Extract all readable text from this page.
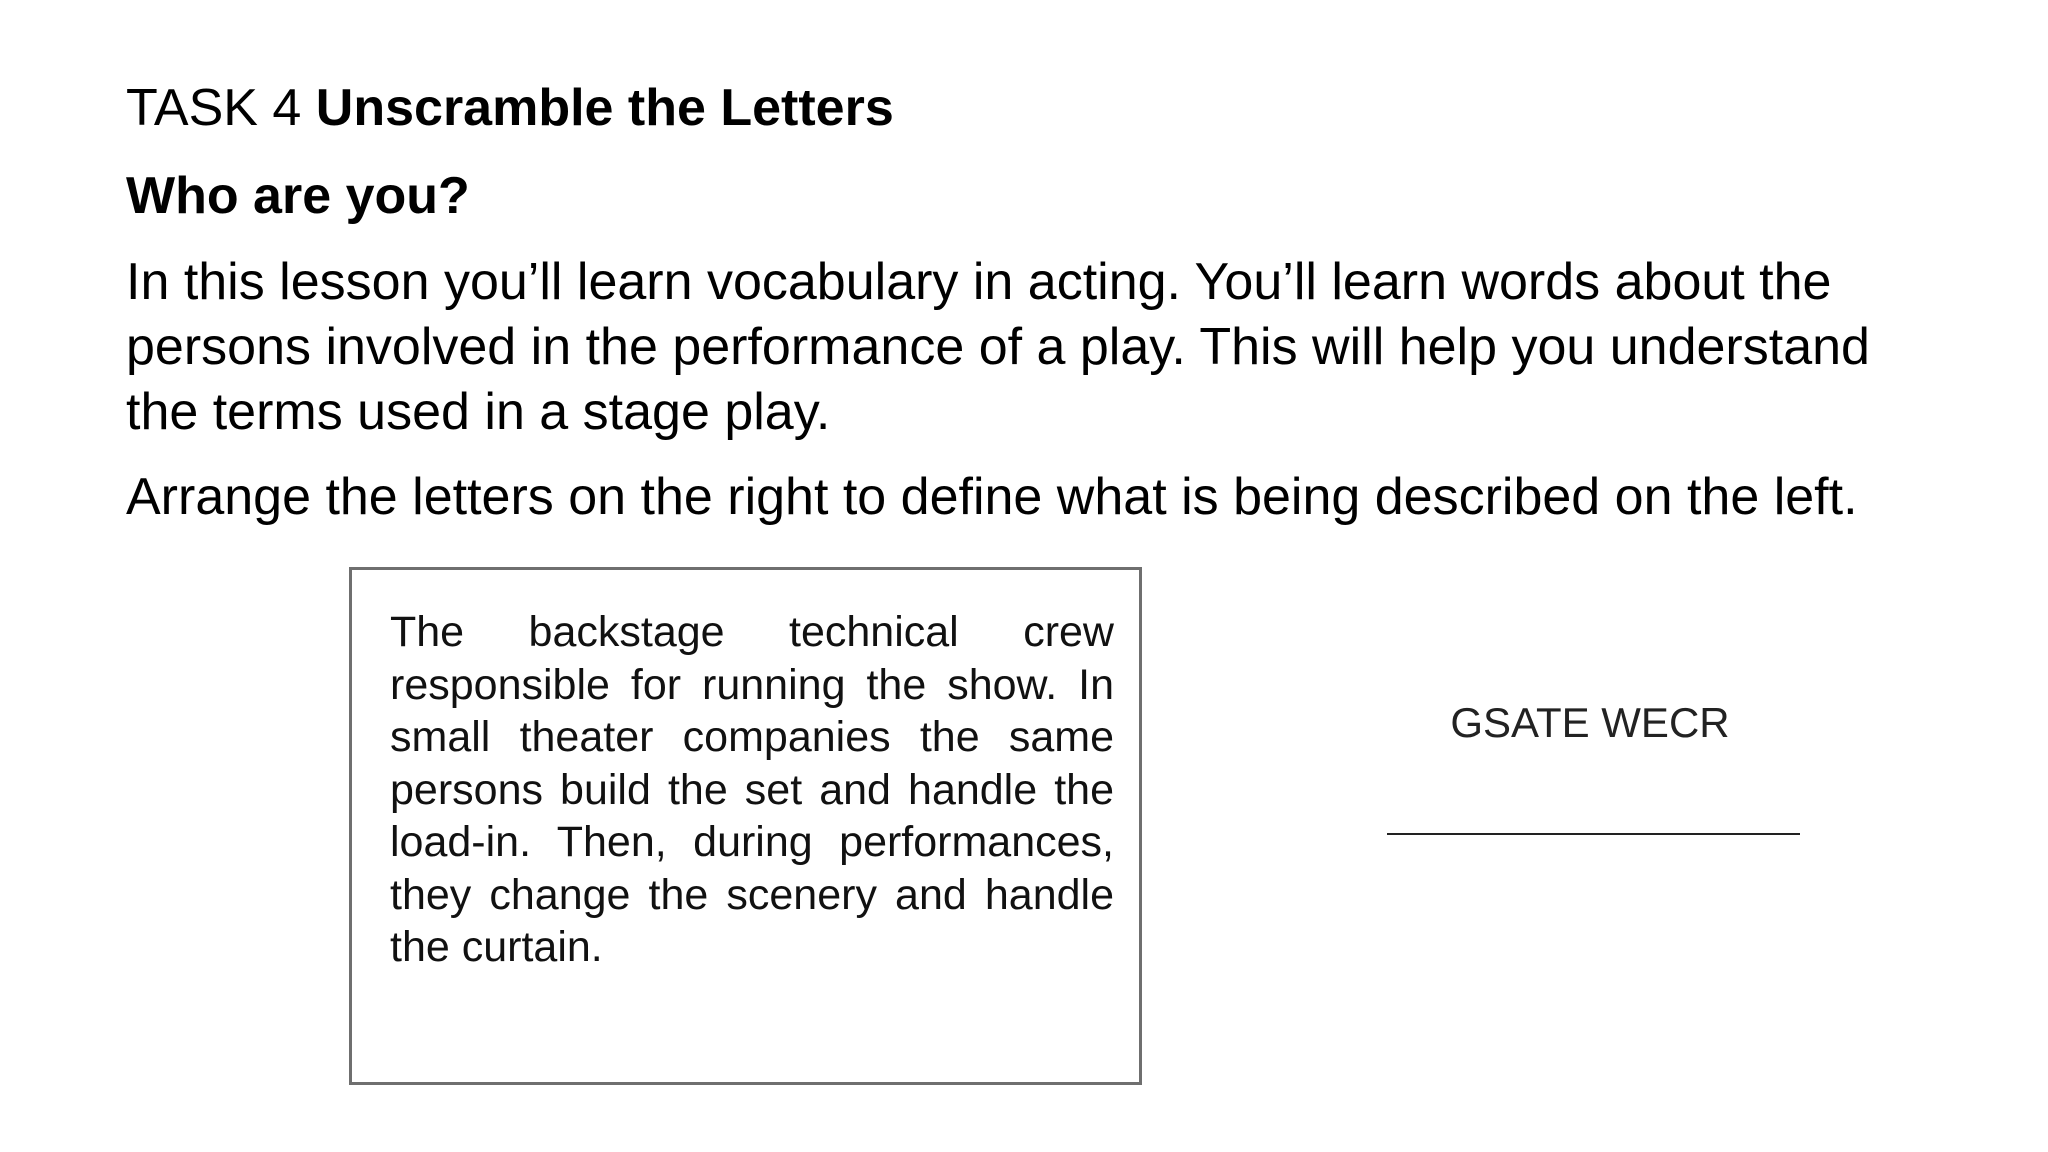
TASK 4 Unscramble the Letters
Who are you?

In this lesson you’ll learn vocabulary in acting. You’ll learn words about the persons involved in the performance of a play. This will help you understand the terms used in a stage play.

Arrange the letters on the right to define what is being described on the left.

The backstage technical crew responsible for running the show. In small theater companies the same persons build the set and handle the load-in. Then, during performances, they change the scenery and handle the curtain.

GSATE WECR
